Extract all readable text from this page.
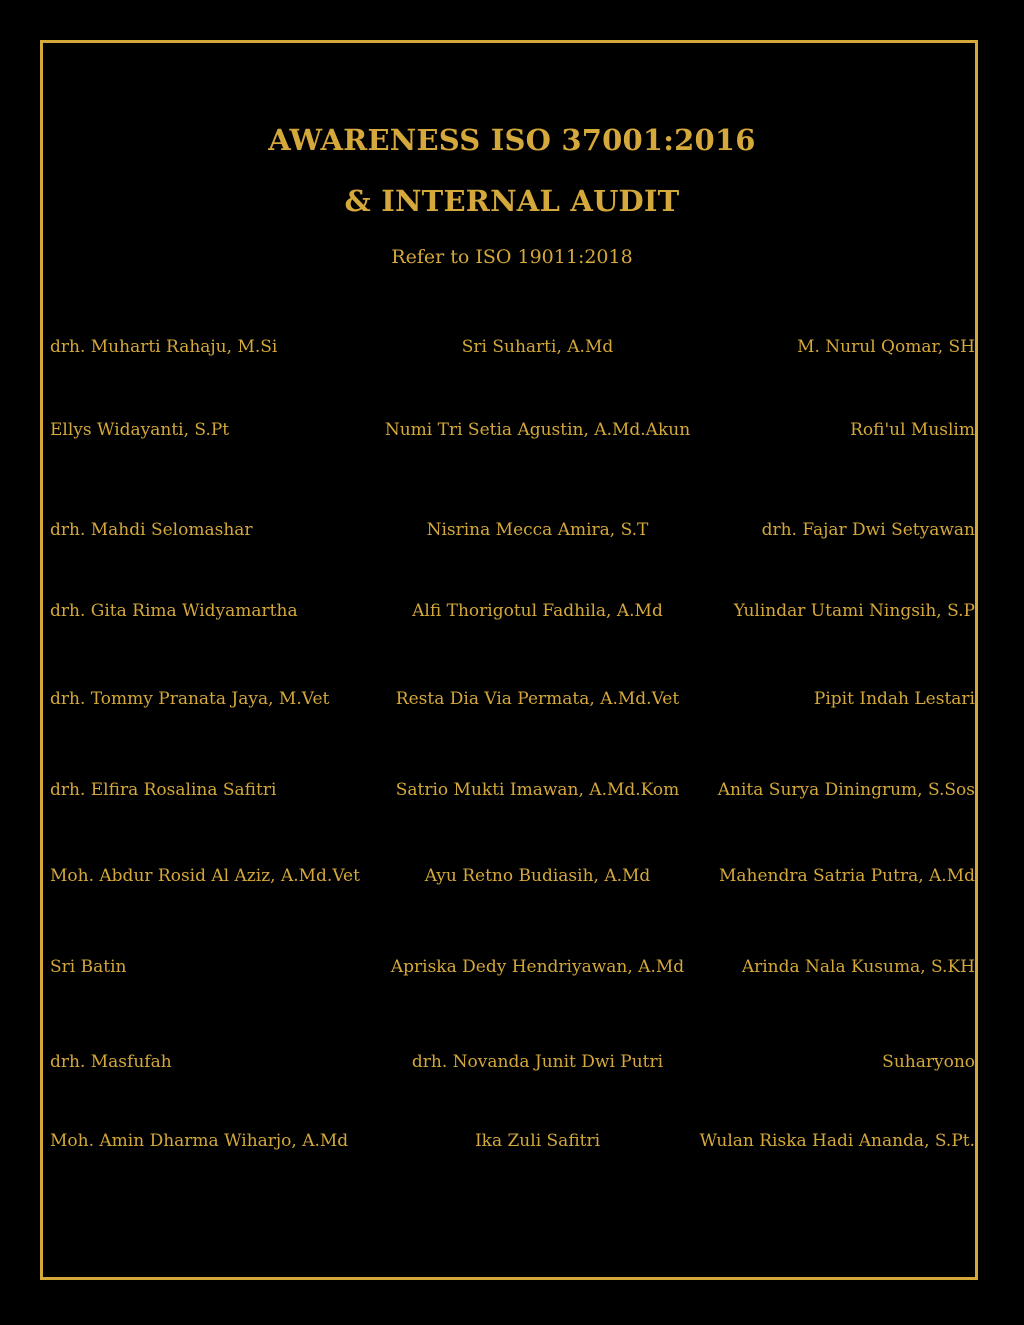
AWARENESS ISO 37001:2016
& INTERNAL AUDIT
Refer to ISO 19011:2018
drh. Muharti Rahaju, M.Si	Sri Suharti, A.Md	M. Nurul Qomar, SH
Ellys Widayanti, S.Pt	Numi Tri Setia Agustin, A.Md.Akun	Rofi'ul Muslim
drh. Mahdi Selomashar	Nisrina Mecca Amira, S.T	drh. Fajar Dwi Setyawan
drh. Gita Rima Widyamartha	Alfi Thorigotul Fadhila, A.Md	Yulindar Utami Ningsih, S.P
drh. Tommy Pranata Jaya, M.Vet	Resta Dia Via Permata, A.Md.Vet	Pipit Indah Lestari
drh. Elfira Rosalina Safitri	Satrio Mukti Imawan, A.Md.Kom	Anita Surya Diningrum, S.Sos
Moh. Abdur Rosid Al Aziz, A.Md.Vet	Ayu Retno Budiasih, A.Md	Mahendra Satria Putra, A.Md
Sri Batin	Apriska Dedy Hendriyawan, A.Md	Arinda Nala Kusuma, S.KH
drh. Masfufah	drh. Novanda Junit Dwi Putri	Suharyono
Moh. Amin Dharma Wiharjo, A.Md	Ika Zuli Safitri	Wulan Riska Hadi Ananda, S.Pt.
